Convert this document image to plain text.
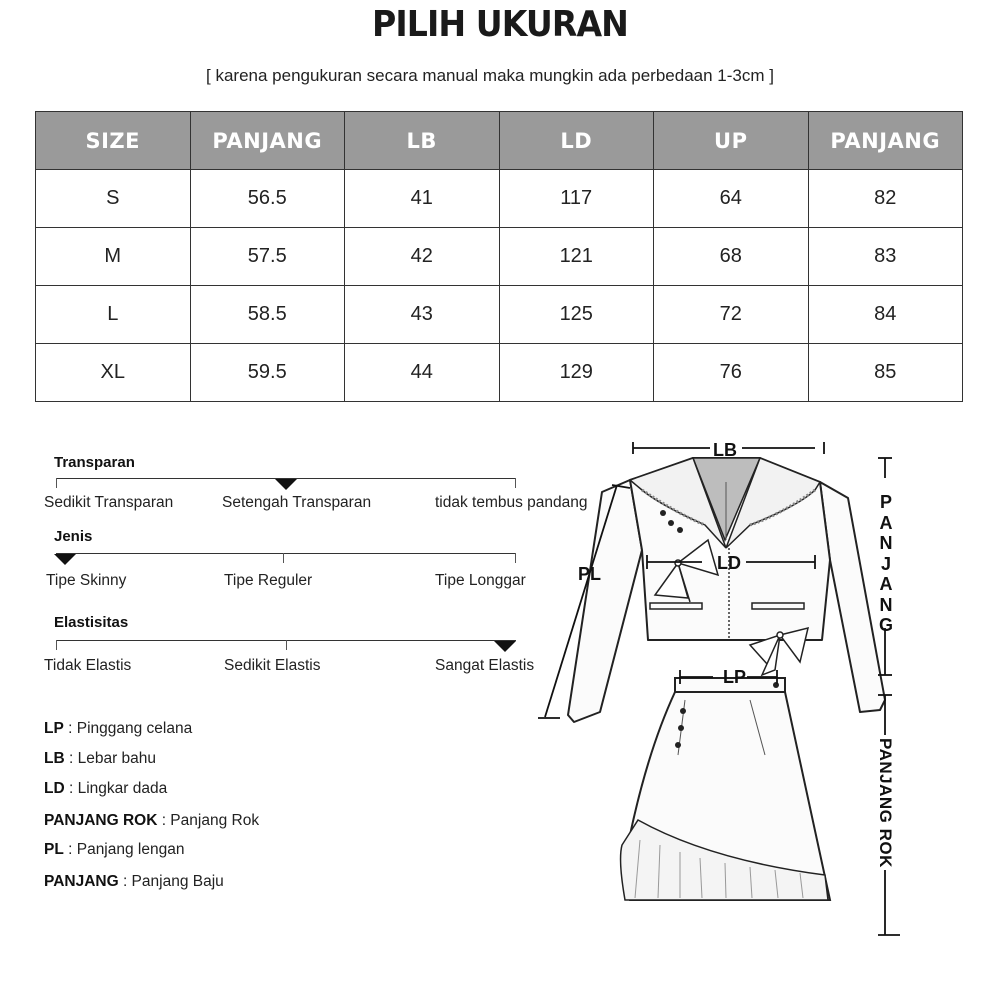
PILIH UKURAN
[ karena pengukuran secara manual maka mungkin ada perbedaan 1-3cm ]
SIZE	PANJANG	LB	LD	UP	PANJANG
S	56.5	41	117	64	82
M	57.5	42	121	68	83
L	58.5	43	125	72	84
XL	59.5	44	129	76	85
Transparan
Sedikit Transparan	Setengah Transparan	tidak tembus pandang
Jenis
Tipe Skinny	Tipe Reguler	Tipe Longgar
Elastisitas
Tidak Elastis	Sedikit Elastis	Sangat Elastis
LP : Pinggang celana
LB : Lebar bahu
LD : Lingkar dada
PANJANG ROK : Panjang Rok
PL : Panjang lengan
PANJANG : Panjang Baju
LB
LD
LP
PL
PANJANG
PANJANG ROK
